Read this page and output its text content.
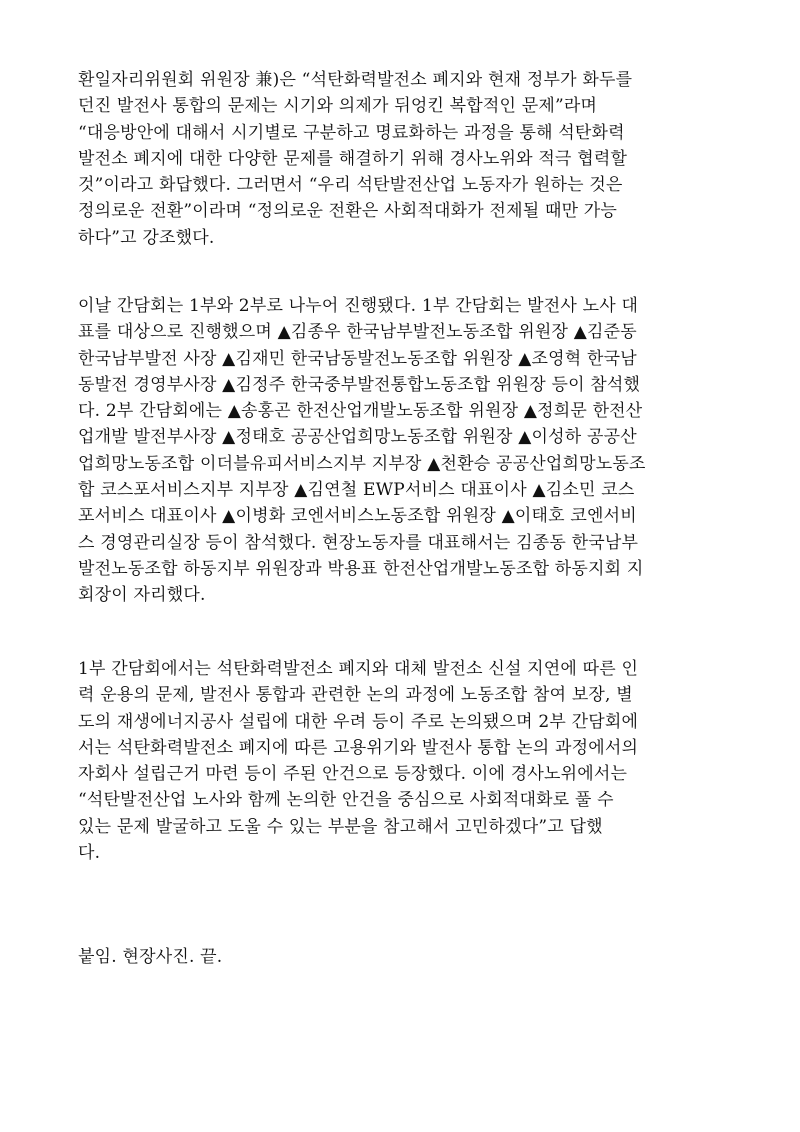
환일자리위원회 위원장 兼)은 “석탄화력발전소 폐지와 현재 정부가 화두를
던진 발전사 통합의 문제는 시기와 의제가 뒤엉킨 복합적인 문제”라며
“대응방안에 대해서 시기별로 구분하고 명료화하는 과정을 통해 석탄화력
발전소 폐지에 대한 다양한 문제를 해결하기 위해 경사노위와 적극 협력할
것”이라고 화답했다. 그러면서 “우리 석탄발전산업 노동자가 원하는 것은
정의로운 전환”이라며 “정의로운 전환은 사회적대화가 전제될 때만 가능
하다”고 강조했다.

이날 간담회는 1부와 2부로 나누어 진행됐다. 1부 간담회는 발전사 노사 대
표를 대상으로 진행했으며 ▲김종우 한국남부발전노동조합 위원장 ▲김준동
한국남부발전 사장 ▲김재민 한국남동발전노동조합 위원장 ▲조영혁 한국남
동발전 경영부사장 ▲김정주 한국중부발전통합노동조합 위원장 등이 참석했
다. 2부 간담회에는 ▲송홍곤 한전산업개발노동조합 위원장 ▲정희문 한전산
업개발 발전부사장 ▲정태호 공공산업희망노동조합 위원장 ▲이성하 공공산
업희망노동조합 이더블유피서비스지부 지부장 ▲천환승 공공산업희망노동조
합 코스포서비스지부 지부장 ▲김연철 EWP서비스 대표이사 ▲김소민 코스
포서비스 대표이사 ▲이병화 코엔서비스노동조합 위원장 ▲이태호 코엔서비
스 경영관리실장 등이 참석했다. 현장노동자를 대표해서는 김종동 한국남부
발전노동조합 하동지부 위원장과 박용표 한전산업개발노동조합 하동지회 지
회장이 자리했다.

1부 간담회에서는 석탄화력발전소 폐지와 대체 발전소 신설 지연에 따른 인
력 운용의 문제, 발전사 통합과 관련한 논의 과정에 노동조합 참여 보장, 별
도의 재생에너지공사 설립에 대한 우려 등이 주로 논의됐으며 2부 간담회에
서는 석탄화력발전소 폐지에 따른 고용위기와 발전사 통합 논의 과정에서의
자회사 설립근거 마련 등이 주된 안건으로 등장했다. 이에 경사노위에서는
“석탄발전산업 노사와 함께 논의한 안건을 중심으로 사회적대화로 풀 수
있는 문제 발굴하고 도울 수 있는 부분을 참고해서 고민하겠다”고 답했
다.

붙임. 현장사진. 끝.
